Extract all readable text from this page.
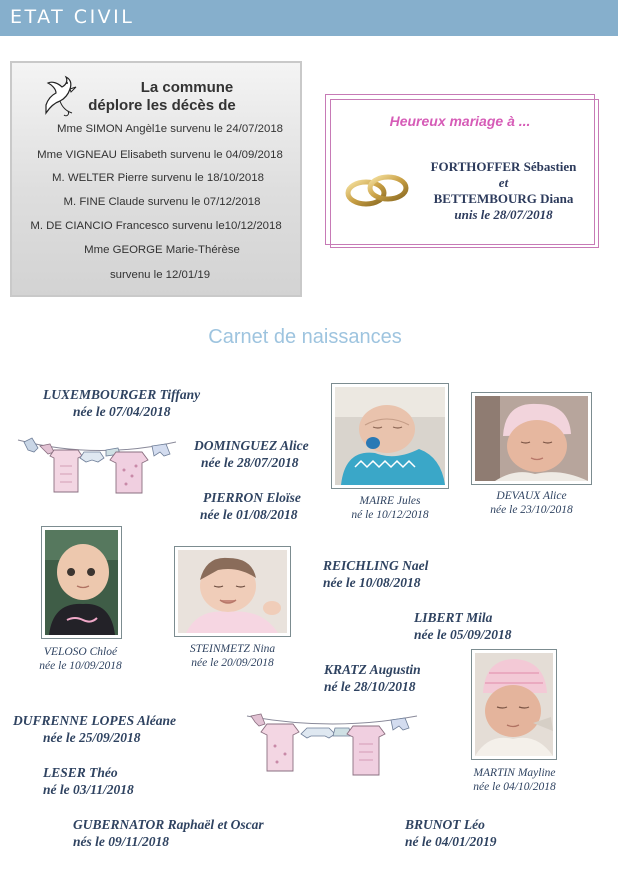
ETAT CIVIL
La commune
déplore les décès de
Mme SIMON Angèl1e survenu le 24/07/2018
Mme VIGNEAU Elisabeth survenu le 04/09/2018
M. WELTER Pierre survenu le 18/10/2018
M. FINE Claude survenu le 07/12/2018
M. DE CIANCIO Francesco survenu le10/12/2018
Mme GEORGE Marie-Thérèse
survenu le 12/01/19
Heureux mariage à ...
FORTHOFFER Sébastien
et
BETTEMBOURG Diana
unis le 28/07/2018
Carnet de naissances
LUXEMBOURGER Tiffany
née le 07/04/2018
DOMINGUEZ Alice
née le 28/07/2018
PIERRON Eloïse
née le 01/08/2018
REICHLING Nael
née le 10/08/2018
LIBERT Mila
née le 05/09/2018
KRATZ Augustin
né le 28/10/2018
DUFRENNE LOPES Aléane
née le 25/09/2018
LESER Théo
né le 03/11/2018
GUBERNATOR Raphaël et Oscar
nés le 09/11/2018
BRUNOT Léo
né le 04/01/2019
MAIRE Jules
né le 10/12/2018
DEVAUX Alice
née le 23/10/2018
VELOSO Chloé
née le 10/09/2018
STEINMETZ Nina
née le 20/09/2018
MARTIN Mayline
née le 04/10/2018
